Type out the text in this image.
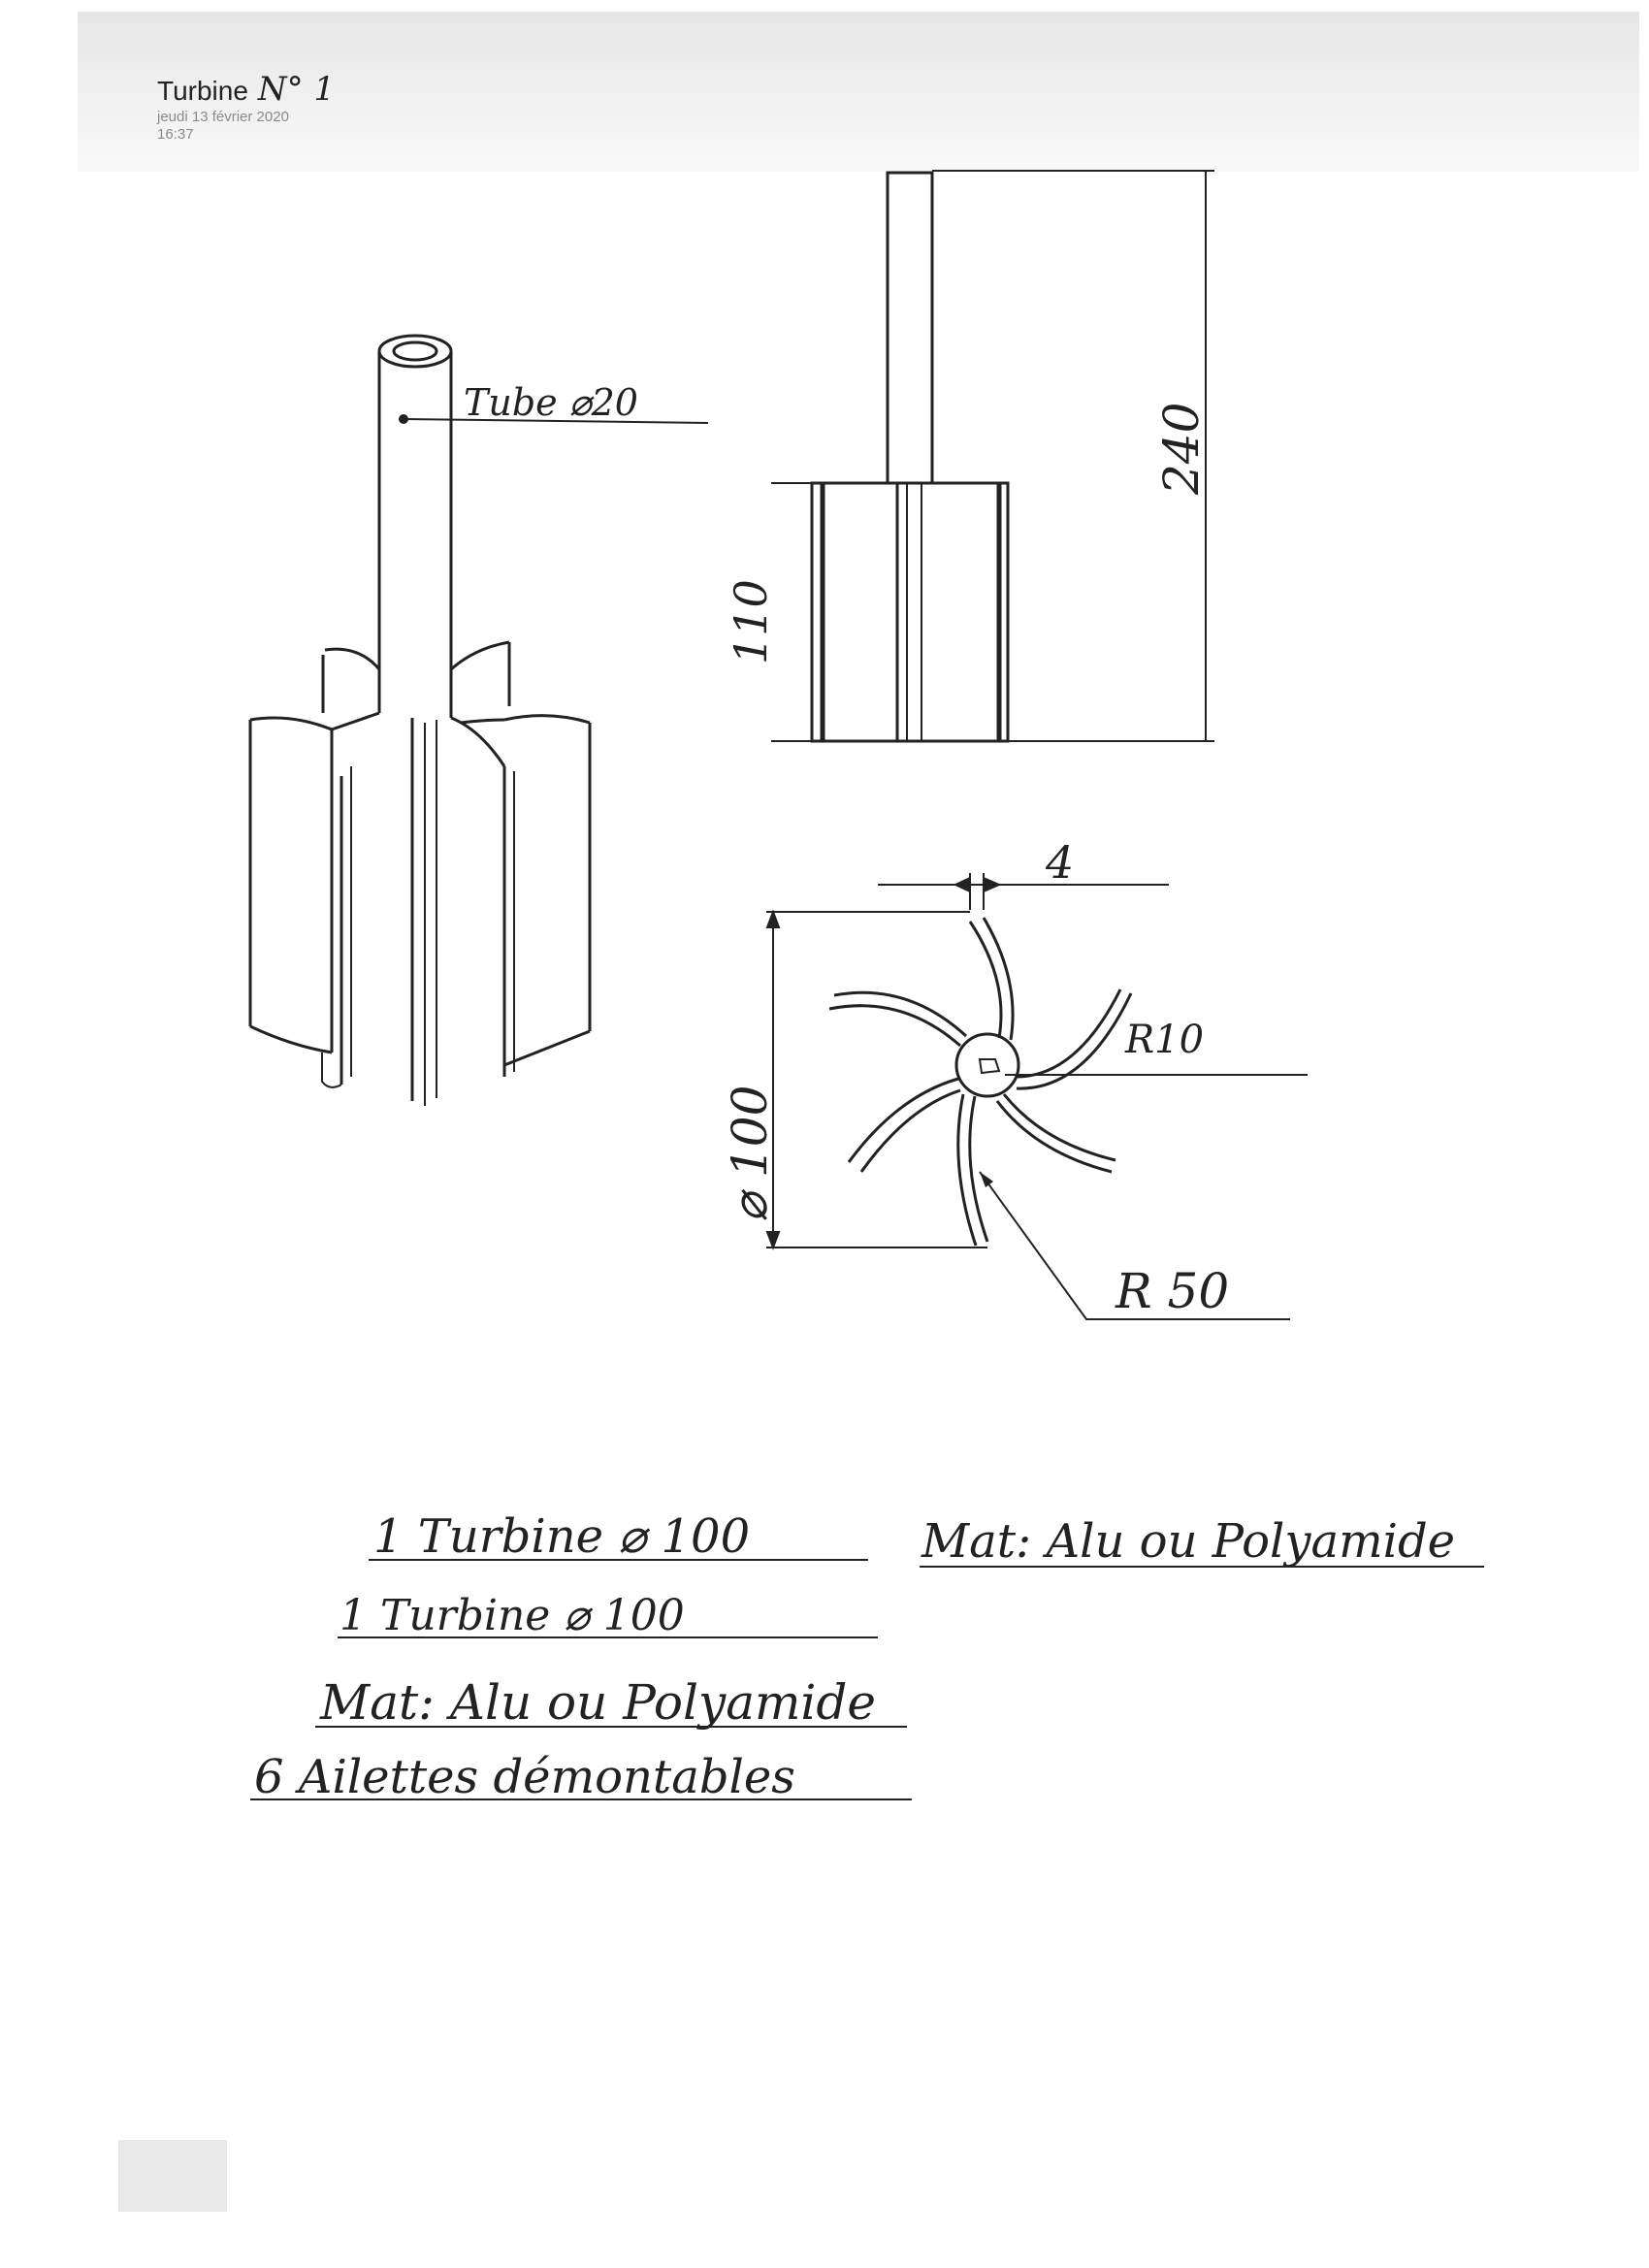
Turbine N° 1
jeudi 13 février 2020
16:37
Tube ⌀20	240
110
4
⌀ 100
R10
R 50
1 Turbine ⌀ 100	Mat: Alu ou Polyamide
1 Turbine ⌀ 100
Mat: Alu ou Polyamide
6 Ailettes démontables
